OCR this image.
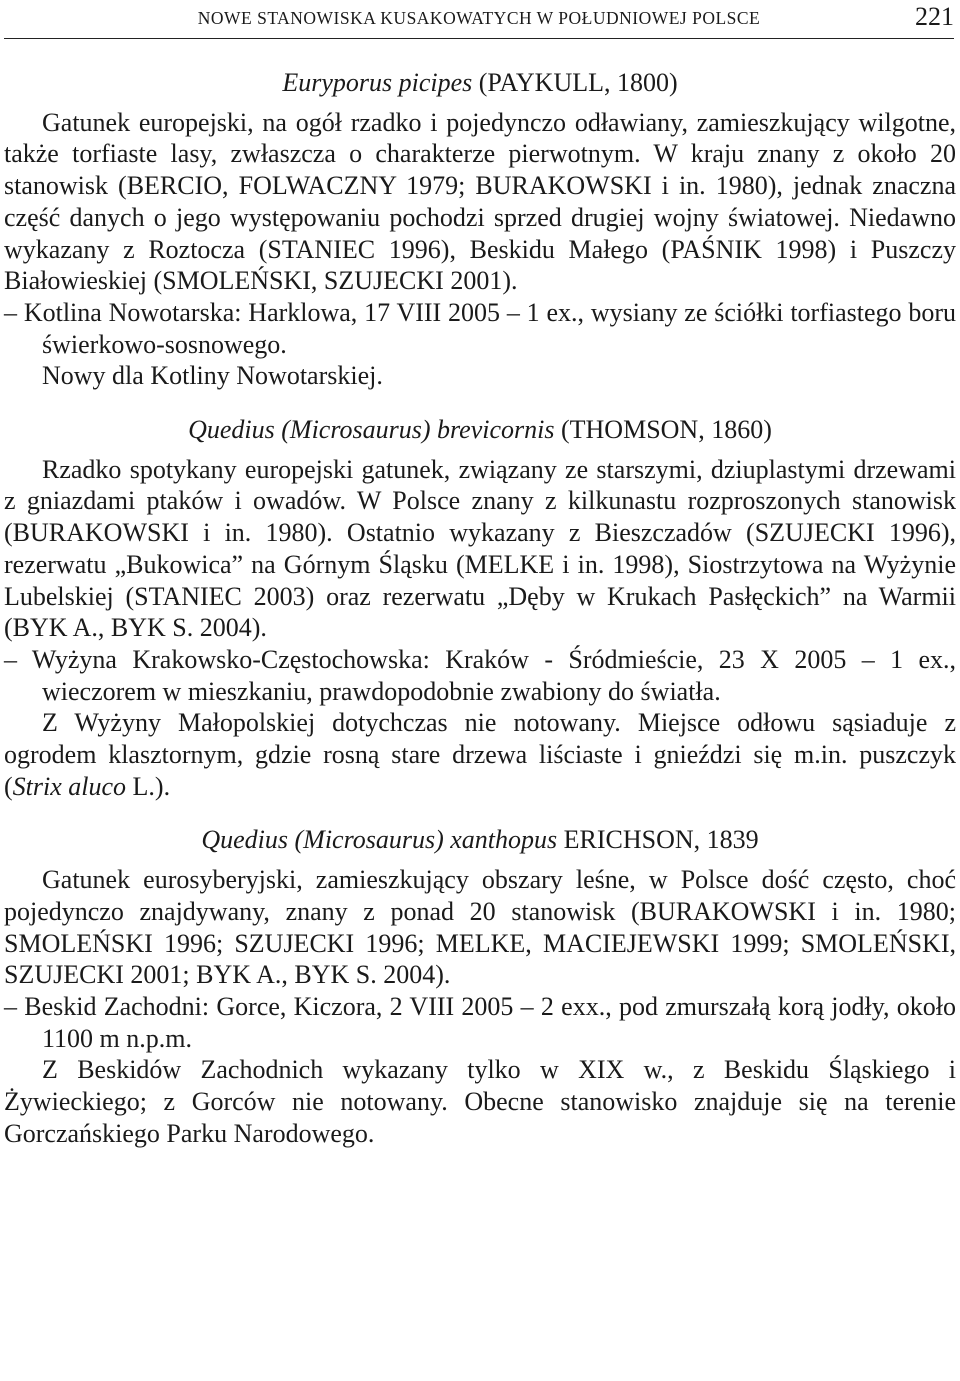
NOWE STANOWISKA KUSAKOWATYCH W POŁUDNIOWEJ POLSCE	221

Euryporus picipes (PAYKULL, 1800)

Gatunek europejski, na ogół rzadko i pojedynczo odławiany, zamieszkujący wilgotne, także torfiaste lasy, zwłaszcza o charakterze pierwotnym. W kraju znany z około 20 stanowisk (BERCIO, FOLWACZNY 1979; BURAKOWSKI i in. 1980), jednak znaczna część danych o jego występowaniu pochodzi sprzed drugiej wojny światowej. Niedawno wykazany z Roztocza (STANIEC 1996), Beskidu Małego (PAŚNIK 1998) i Puszczy Białowieskiej (SMOLEŃSKI, SZUJECKI 2001).

– Kotlina Nowotarska: Harklowa, 17 VIII 2005 – 1 ex., wysiany ze ściółki torfiastego boru świerkowo-sosnowego.

Nowy dla Kotliny Nowotarskiej.

Quedius (Microsaurus) brevicornis (THOMSON, 1860)

Rzadko spotykany europejski gatunek, związany ze starszymi, dziuplastymi drzewami z gniazdami ptaków i owadów. W Polsce znany z kilkunastu rozproszonych stanowisk (BURAKOWSKI i in. 1980). Ostatnio wykazany z Bieszczadów (SZUJECKI 1996), rezerwatu „Bukowica” na Górnym Śląsku (MELKE i in. 1998), Siostrzytowa na Wyżynie Lubelskiej (STANIEC 2003) oraz rezerwatu „Dęby w Krukach Pasłęckich” na Warmii (BYK A., BYK S. 2004).

– Wyżyna Krakowsko-Częstochowska: Kraków - Śródmieście, 23 X 2005 – 1 ex., wieczorem w mieszkaniu, prawdopodobnie zwabiony do światła.

Z Wyżyny Małopolskiej dotychczas nie notowany. Miejsce odłowu sąsiaduje z ogrodem klasztornym, gdzie rosną stare drzewa liściaste i gnieździ się m.in. puszczyk (Strix aluco L.).

Quedius (Microsaurus) xanthopus ERICHSON, 1839

Gatunek eurosyberyjski, zamieszkujący obszary leśne, w Polsce dość często, choć pojedynczo znajdywany, znany z ponad 20 stanowisk (BURAKOWSKI i in. 1980; SMOLEŃSKI 1996; SZUJECKI 1996; MELKE, MACIEJEWSKI 1999; SMOLEŃSKI, SZUJECKI 2001; BYK A., BYK S. 2004).

– Beskid Zachodni: Gorce, Kiczora, 2 VIII 2005 – 2 exx., pod zmurszałą korą jodły, około 1100 m n.p.m.

Z Beskidów Zachodnich wykazany tylko w XIX w., z Beskidu Śląskiego i Żywieckiego; z Gorców nie notowany. Obecne stanowisko znajduje się na terenie Gorczańskiego Parku Narodowego.
